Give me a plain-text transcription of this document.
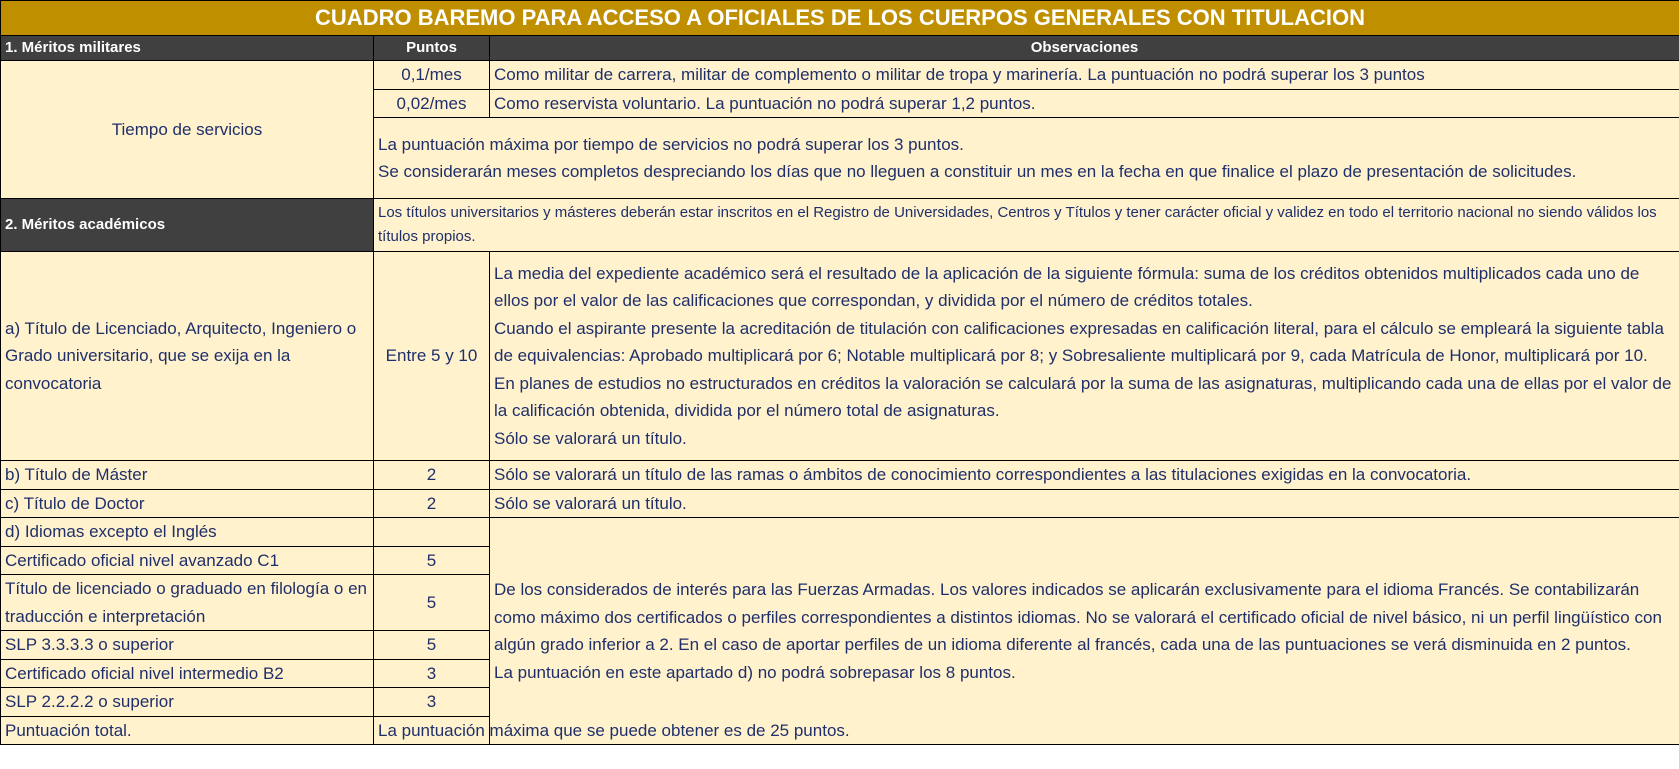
CUADRO BAREMO PARA ACCESO A OFICIALES DE LOS CUERPOS GENERALES CON TITULACION		
1. Méritos militares	Puntos	Observaciones
Tiempo de servicios	0,1/mes	Como militar de carrera, militar de complemento o militar de tropa y marinería. La puntuación no podrá superar los 3 puntos
	0,02/mes	Como reservista voluntario. La puntuación no podrá superar 1,2 puntos.

	La puntuación máxima por tiempo de servicios no podrá superar los 3 puntos.
Se considerarán meses completos despreciando los días que no lleguen a constituir un mes en la fecha en que finalice el plazo de presentación de solicitudes.	

2. Méritos académicos	Los títulos universitarios y másteres deberán estar inscritos en el Registro de Universidades, Centros y Títulos y tener carácter oficial y validez en todo el territorio nacional no siendo válidos los títulos propios.	
a) Título de Licenciado, Arquitecto, Ingeniero o Grado universitario, que se exija en la convocatoria	Entre 5 y 10	La media del expediente académico será el resultado de la aplicación de la siguiente fórmula: suma de los créditos obtenidos multiplicados cada uno de ellos por el valor de las calificaciones que correspondan, y dividida por el número de créditos totales.
Cuando el aspirante presente la acreditación de titulación con calificaciones expresadas en calificación literal, para el cálculo se empleará la siguiente tabla de equivalencias: Aprobado multiplicará por 6; Notable multiplicará por 8; y Sobresaliente multiplicará por 9, cada Matrícula de Honor, multiplicará por 10.
En planes de estudios no estructurados en créditos la valoración se calculará por la suma de las asignaturas, multiplicando cada una de ellas por el valor de la calificación obtenida, dividida por el número total de asignaturas.
Sólo se valorará un título.

b) Título de Máster	2	Sólo se valorará un título de las ramas o ámbitos de conocimiento correspondientes a las titulaciones exigidas en la convocatoria.
c) Título de Doctor	2	Sólo se valorará un título.
d) Idiomas excepto el Inglés		De los considerados de interés para las Fuerzas Armadas. Los valores indicados se aplicarán exclusivamente para el idioma Francés. Se contabilizarán como máximo dos certificados o perfiles correspondientes a distintos idiomas. No se valorará el certificado oficial de nivel básico, ni un perfil lingüístico con algún grado inferior a 2. En el caso de aportar perfiles de un idioma diferente al francés, cada una de las puntuaciones se verá disminuida en 2 puntos.
La puntuación en este apartado d) no podrá sobrepasar los 8 puntos.

Certificado oficial nivel avanzado C1	5	
Título de licenciado o graduado en filología o en traducción e interpretación	5	
SLP 3.3.3.3 o superior	5	
Certificado oficial nivel intermedio B2	3	
SLP 2.2.2.2 o superior	3	
Puntuación total.	La puntuación máxima que se puede obtener es de 25 puntos.	
